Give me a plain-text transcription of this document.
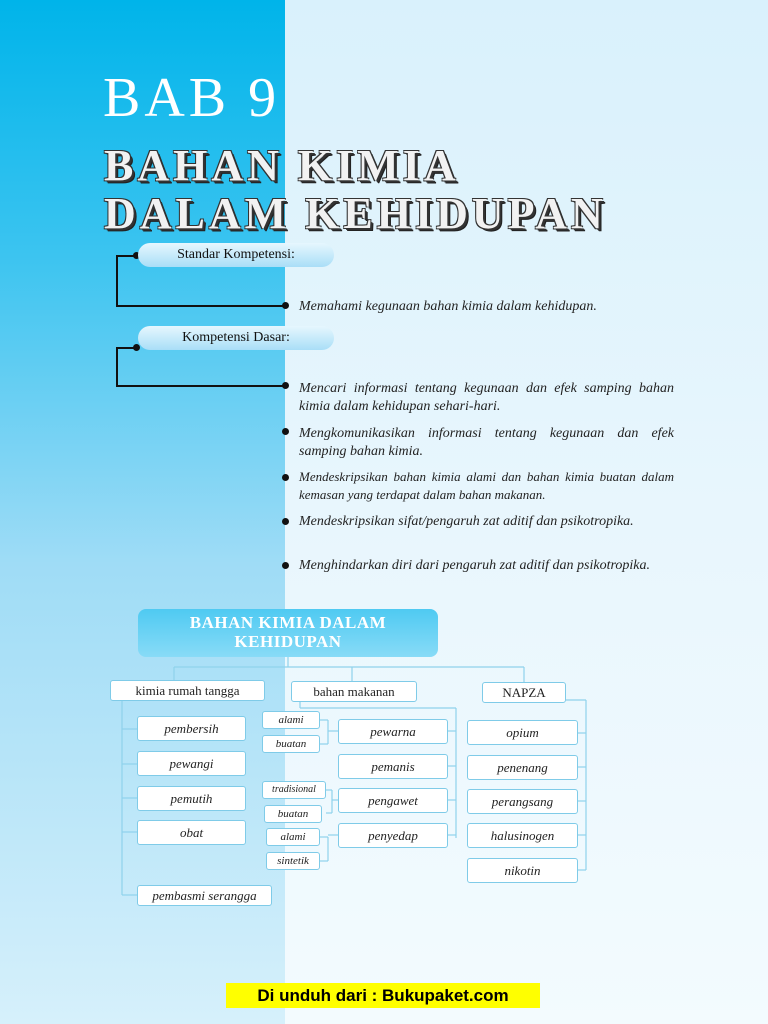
BAB 9
BAHAN KIMIA
DALAM KEHIDUPAN
Standar Kompetensi:
Memahami kegunaan bahan kimia dalam kehidupan.
Kompetensi Dasar:
Mencari informasi tentang kegunaan dan efek samping bahan kimia dalam kehidupan sehari-hari.
Mengkomunikasikan informasi tentang kegunaan dan efek samping bahan kimia.
Mendeskripsikan bahan kimia alami dan bahan kimia buatan dalam kemasan yang terdapat dalam bahan makanan.
Mendeskripsikan sifat/pengaruh zat aditif dan psikotropika.
Menghindarkan diri dari pengaruh zat aditif dan psikotropika.
BAHAN KIMIA DALAM KEHIDUPAN
kimia rumah tangga	bahan makanan	NAPZA
pembersih
pewangi
pemutih
obat
pembasmi serangga
alami
buatan
tradisional
buatan
alami
sintetik
pewarna
pemanis
pengawet
penyedap
opium
penenang
perangsang
halusinogen
nikotin
Di unduh dari : Bukupaket.com
